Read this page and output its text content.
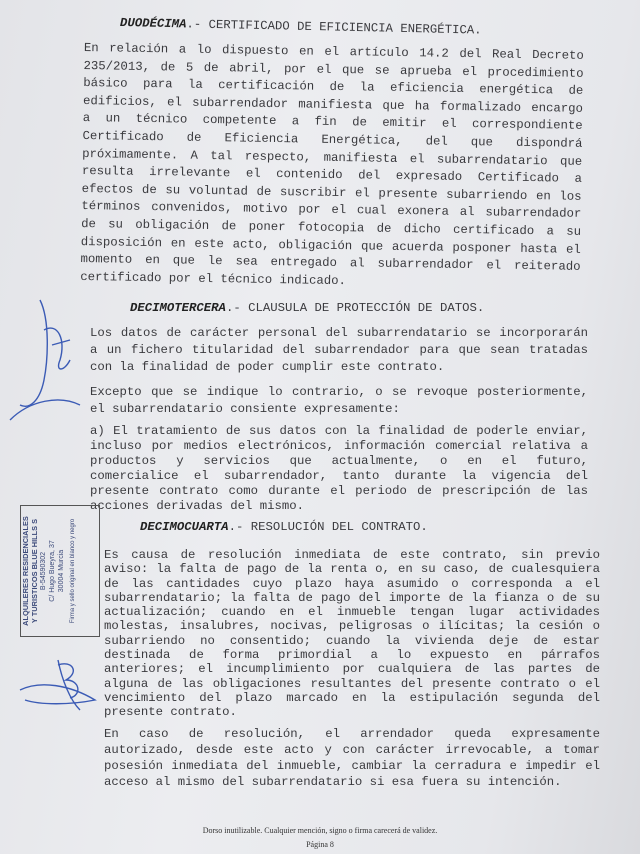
DUODÉCIMA.- CERTIFICADO DE EFICIENCIA ENERGÉTICA.
En relación a lo dispuesto en el artículo 14.2 del Real Decreto
235/2013, de 5 de abril, por el que se aprueba el procedimiento
básico para la certificación de la eficiencia energética de
edificios, el subarrendador manifiesta que ha formalizado encargo
a un técnico competente a fin de emitir el correspondiente
Certificado de Eficiencia Energética, del que dispondrá
próximamente. A tal respecto, manifiesta el subarrendatario que
resulta irrelevante el contenido del expresado Certificado a
efectos de su voluntad de suscribir el presente subarriendo en los
términos convenidos, motivo por el cual exonera al subarrendador
de su obligación de poner fotocopia de dicho certificado a su
disposición en este acto, obligación que acuerda posponer hasta el
momento en que le sea entregado al subarrendador el reiterado
certificado por el técnico indicado.
DECIMOTERCERA.- CLAUSULA DE PROTECCIÓN DE DATOS.
Los datos de carácter personal del subarrendatario se incorporarán
a un fichero titularidad del subarrendador para que sean tratadas
con la finalidad de poder cumplir este contrato.
Excepto que se indique lo contrario, o se revoque posteriormente,
el subarrendatario consiente expresamente:
a) El tratamiento de sus datos con la finalidad de poderle enviar,
incluso por medios electrónicos, información comercial relativa a
productos y servicios que actualmente, o en el futuro,
comercialice el subarrendador, tanto durante la vigencia del
presente contrato como durante el periodo de prescripción de las
acciones derivadas del mismo.
DECIMOCUARTA.- RESOLUCIÓN DEL CONTRATO.
Es causa de resolución inmediata de este contrato, sin previo
aviso: la falta de pago de la renta o, en su caso, de cualesquiera
de las cantidades cuyo plazo haya asumido o corresponda a el
subarrendatario; la falta de pago del importe de la fianza o de su
actualización; cuando en el inmueble tengan lugar actividades
molestas, insalubres, nocivas, peligrosas o ilícitas; la cesión o
subarriendo no consentido; cuando la vivienda deje de estar
destinada de forma primordial a lo expuesto en párrafos
anteriores; el incumplimiento por cualquiera de las partes de
alguna de las obligaciones resultantes del presente contrato o el
vencimiento del plazo marcado en la estipulación segunda del
presente contrato.
En caso de resolución, el arrendador queda expresamente
autorizado, desde este acto y con carácter irrevocable, a tomar
posesión inmediata del inmueble, cambiar la cerradura e impedir el
acceso al mismo del subarrendatario si esa fuera su intención.
ALQUILERES RESIDENCIALES Y TURISTICOS BLUE HILLS S B-54590302 C/ Hugo Bueyra, 37 30004 Murcia Firma y sello original en blanco y negro
Dorso inutilizable. Cualquier mención, signo o firma carecerá de validez.
Página 8
